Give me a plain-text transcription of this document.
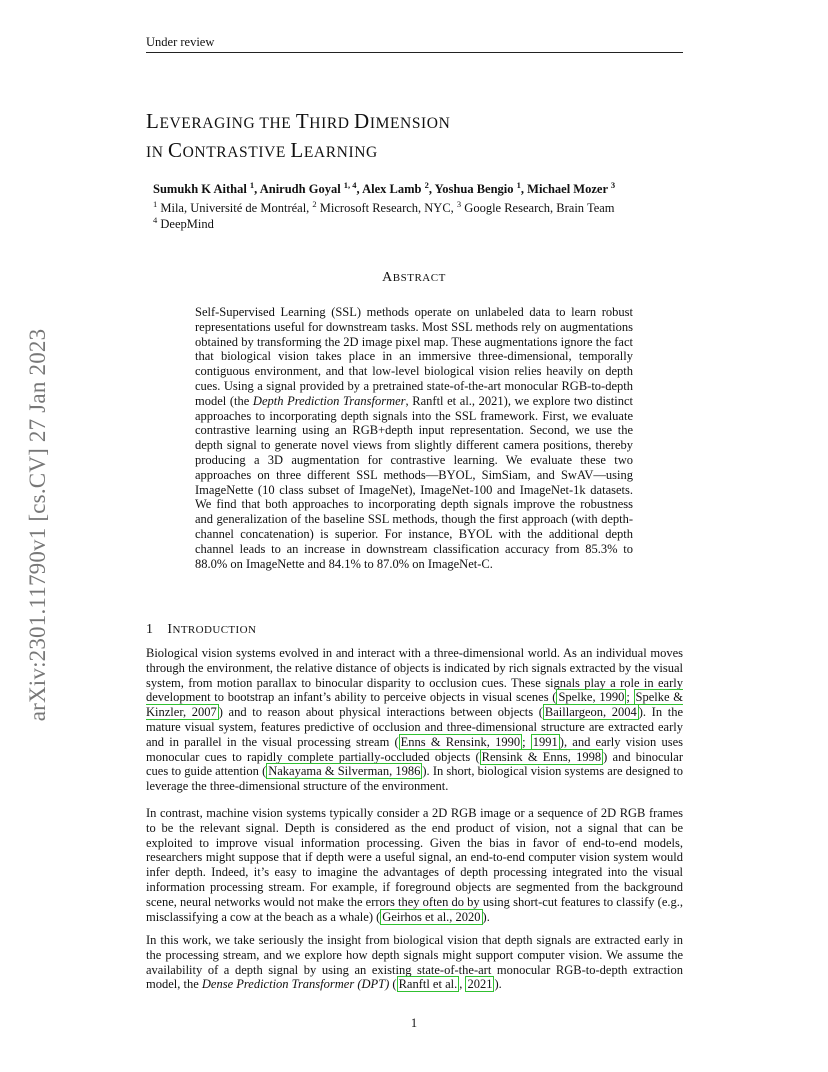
Under review
arXiv:2301.11790v1 [cs.CV] 27 Jan 2023
LEVERAGING THE THIRD DIMENSION
IN CONTRASTIVE LEARNING
Sumukh K Aithal $^1$, Anirudh Goyal $^{1, 4}$, Alex Lamb $^2$, Yoshua Bengio $^1$, Michael Mozer $^3$
$^1$ Mila, Université de Montréal, $^2$ Microsoft Research, NYC, $^3$ Google Research, Brain Team
$^4$ DeepMind
ABSTRACT
Self-Supervised Learning (SSL) methods operate on unlabeled data to learn robust representations useful for downstream tasks. Most SSL methods rely on augmentations obtained by transforming the 2D image pixel map. These augmentations ignore the fact that biological vision takes place in an immersive three-dimensional, temporally contiguous environment, and that low-level biological vision relies heavily on depth cues. Using a signal provided by a pretrained state-of-the-art monocular RGB-to-depth model (the Depth Prediction Transformer, Ranftl et al., 2021), we explore two distinct approaches to incorporating depth signals into the SSL framework. First, we evaluate contrastive learning using an RGB+depth input representation. Second, we use the depth signal to generate novel views from slightly different camera positions, thereby producing a 3D augmentation for contrastive learning. We evaluate these two approaches on three different SSL methods—BYOL, SimSiam, and SwAV—using ImageNette (10 class subset of ImageNet), ImageNet-100 and ImageNet-1k datasets. We find that both approaches to incorporating depth signals improve the robustness and generalization of the baseline SSL methods, though the first approach (with depth-channel concatenation) is superior. For instance, BYOL with the additional depth channel leads to an increase in downstream classification accuracy from 85.3% to 88.0% on ImageNette and 84.1% to 87.0% on ImageNet-C.
1 INTRODUCTION
Biological vision systems evolved in and interact with a three-dimensional world. As an individual moves through the environment, the relative distance of objects is indicated by rich signals extracted by the visual system, from motion parallax to binocular disparity to occlusion cues. These signals play a role in early development to bootstrap an infant’s ability to perceive objects in visual scenes ( Spelke, 1990 ; Spelke & Kinzler, 2007 ) and to reason about physical interactions between objects ( Baillargeon, 2004 ). In the mature visual system, features predictive of occlusion and three-dimensional structure are extracted early and in parallel in the visual processing stream ( Enns & Rensink, 1990 ; 1991 ), and early vision uses monocular cues to rapidly complete partially-occluded objects ( Rensink & Enns, 1998 ) and binocular cues to guide attention ( Nakayama & Silverman, 1986 ). In short, biological vision systems are designed to leverage the three-dimensional structure of the environment.
In contrast, machine vision systems typically consider a 2D RGB image or a sequence of 2D RGB frames to be the relevant signal. Depth is considered as the end product of vision, not a signal that can be exploited to improve visual information processing. Given the bias in favor of end-to-end models, researchers might suppose that if depth were a useful signal, an end-to-end computer vision system would infer depth. Indeed, it’s easy to imagine the advantages of depth processing integrated into the visual information processing stream. For example, if foreground objects are segmented from the background scene, neural networks would not make the errors they often do by using short-cut features to classify (e.g., misclassifying a cow at the beach as a whale) ( Geirhos et al., 2020 ).
In this work, we take seriously the insight from biological vision that depth signals are extracted early in the processing stream, and we explore how depth signals might support computer vision. We assume the availability of a depth signal by using an existing state-of-the-art monocular RGB-to-depth extraction model, the Dense Prediction Transformer (DPT) ( Ranftl et al. , 2021 ).
1
